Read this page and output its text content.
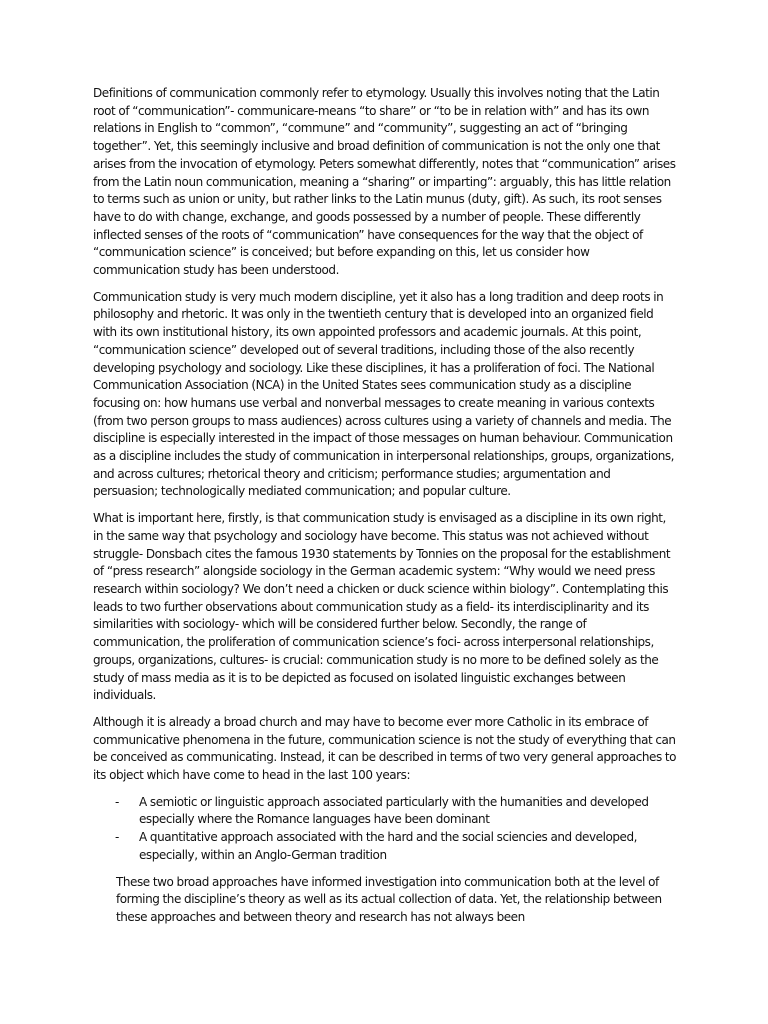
Definitions of communication commonly refer to etymology. Usually this involves noting that the Latin root of “communication”- communicare-means “to share” or “to be in relation with” and has its own relations in English to “common”, “commune” and “community”, suggesting an act of “bringing together”. Yet, this seemingly inclusive and broad definition of communication is not the only one that arises from the invocation of etymology. Peters somewhat differently, notes that “communication” arises from the Latin noun communication, meaning a “sharing” or imparting”: arguably, this has little relation to terms such as union or unity, but rather links to the Latin munus (duty, gift). As such, its root senses have to do with change, exchange, and goods possessed by a number of people. These differently inflected senses of the roots of “communication” have consequences for the way that the object of “communication science” is conceived; but before expanding on this, let us consider how communication study has been understood.

Communication study is very much modern discipline, yet it also has a long tradition and deep roots in philosophy and rhetoric. It was only in the twentieth century that is developed into an organized field with its own institutional history, its own appointed professors and academic journals. At this point, “communication science” developed out of several traditions, including those of the also recently developing psychology and sociology. Like these disciplines, it has a proliferation of foci. The National Communication Association (NCA) in the United States sees communication study as a discipline focusing on: how humans use verbal and nonverbal messages to create meaning in various contexts (from two person groups to mass audiences) across cultures using a variety of channels and media. The discipline is especially interested in the impact of those messages on human behaviour. Communication as a discipline includes the study of communication in interpersonal relationships, groups, organizations, and across cultures; rhetorical theory and criticism; performance studies; argumentation and persuasion; technologically mediated communication; and popular culture.

What is important here, firstly, is that communication study is envisaged as a discipline in its own right, in the same way that psychology and sociology have become. This status was not achieved without struggle- Donsbach cites the famous 1930 statements by Tonnies on the proposal for the establishment of “press research” alongside sociology in the German academic system: “Why would we need press research within sociology? We don’t need a chicken or duck science within biology”. Contemplating this leads to two further observations about communication study as a field- its interdisciplinarity and its similarities with sociology- which will be considered further below. Secondly, the range of communication, the proliferation of communication science’s foci- across interpersonal relationships, groups, organizations, cultures- is crucial: communication study is no more to be defined solely as the study of mass media as it is to be depicted as focused on isolated linguistic exchanges between individuals.

Although it is already a broad church and may have to become ever more Catholic in its embrace of communicative phenomena in the future, communication science is not the study of everything that can be conceived as communicating. Instead, it can be described in terms of two very general approaches to its object which have come to head in the last 100 years:

- A semiotic or linguistic approach associated particularly with the humanities and developed especially where the Romance languages have been dominant
- A quantitative approach associated with the hard and the social sciencies and developed, especially, within an Anglo-German tradition

These two broad approaches have informed investigation into communication both at the level of forming the discipline’s theory as well as its actual collection of data. Yet, the relationship between these approaches and between theory and research has not always been
